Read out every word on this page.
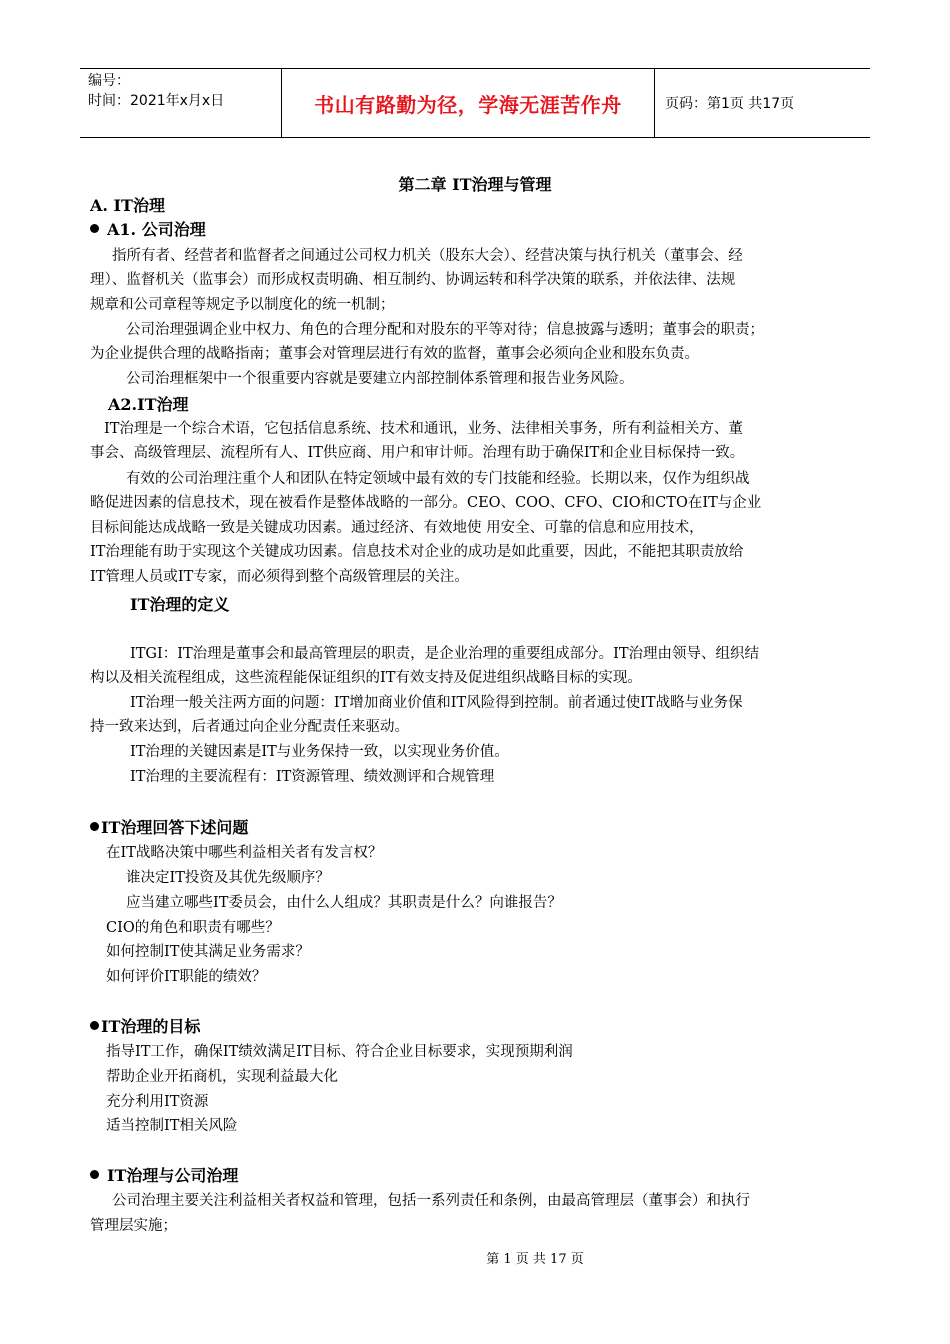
编号：
时间：2021年x月x日	书山有路勤为径，学海无涯苦作舟	页码：第1页 共17页
第二章 IT治理与管理
A. IT治理
A1. 公司治理
指所有者、经营者和监督者之间通过公司权力机关（股东大会）、经营决策与执行机关（董事会、经
理）、监督机关（监事会）而形成权责明确、相互制约、协调运转和科学决策的联系，并依法律、法规
规章和公司章程等规定予以制度化的统一机制；
公司治理强调企业中权力、角色的合理分配和对股东的平等对待；信息披露与透明；董事会的职责；
为企业提供合理的战略指南；董事会对管理层进行有效的监督，董事会必须向企业和股东负责。
公司治理框架中一个很重要内容就是要建立内部控制体系管理和报告业务风险。
A2.IT治理
IT治理是一个综合术语，它包括信息系统、技术和通讯，业务、法律相关事务，所有利益相关方、董
事会、高级管理层、流程所有人、IT供应商、用户和审计师。治理有助于确保IT和企业目标保持一致。
有效的公司治理注重个人和团队在特定领域中最有效的专门技能和经验。长期以来，仅作为组织战
略促进因素的信息技术，现在被看作是整体战略的一部分。CEO、COO、CFO、CIO和CTO在IT与企业
目标间能达成战略一致是关键成功因素。通过经济、有效地使 用安全、可靠的信息和应用技术，
IT治理能有助于实现这个关键成功因素。信息技术对企业的成功是如此重要，因此，不能把其职责放给
IT管理人员或IT专家，而必须得到整个高级管理层的关注。
IT治理的定义
ITGI：IT治理是董事会和最高管理层的职责，是企业治理的重要组成部分。IT治理由领导、组织结
构以及相关流程组成，这些流程能保证组织的IT有效支持及促进组织战略目标的实现。
IT治理一般关注两方面的问题：IT增加商业价值和IT风险得到控制。前者通过使IT战略与业务保
持一致来达到，后者通过向企业分配责任来驱动。
IT治理的关键因素是IT与业务保持一致，以实现业务价值。
IT治理的主要流程有：IT资源管理、绩效测评和合规管理
IT治理回答下述问题
在IT战略决策中哪些利益相关者有发言权？
谁决定IT投资及其优先级顺序？
应当建立哪些IT委员会，由什么人组成？其职责是什么？向谁报告？
CIO的角色和职责有哪些？
如何控制IT使其满足业务需求？
如何评价IT职能的绩效？
IT治理的目标
指导IT工作，确保IT绩效满足IT目标、符合企业目标要求，实现预期利润
帮助企业开拓商机，实现利益最大化
充分利用IT资源
适当控制IT相关风险
IT治理与公司治理
公司治理主要关注利益相关者权益和管理，包括一系列责任和条例，由最高管理层（董事会）和执行
管理层实施；
第 1 页 共 17 页
